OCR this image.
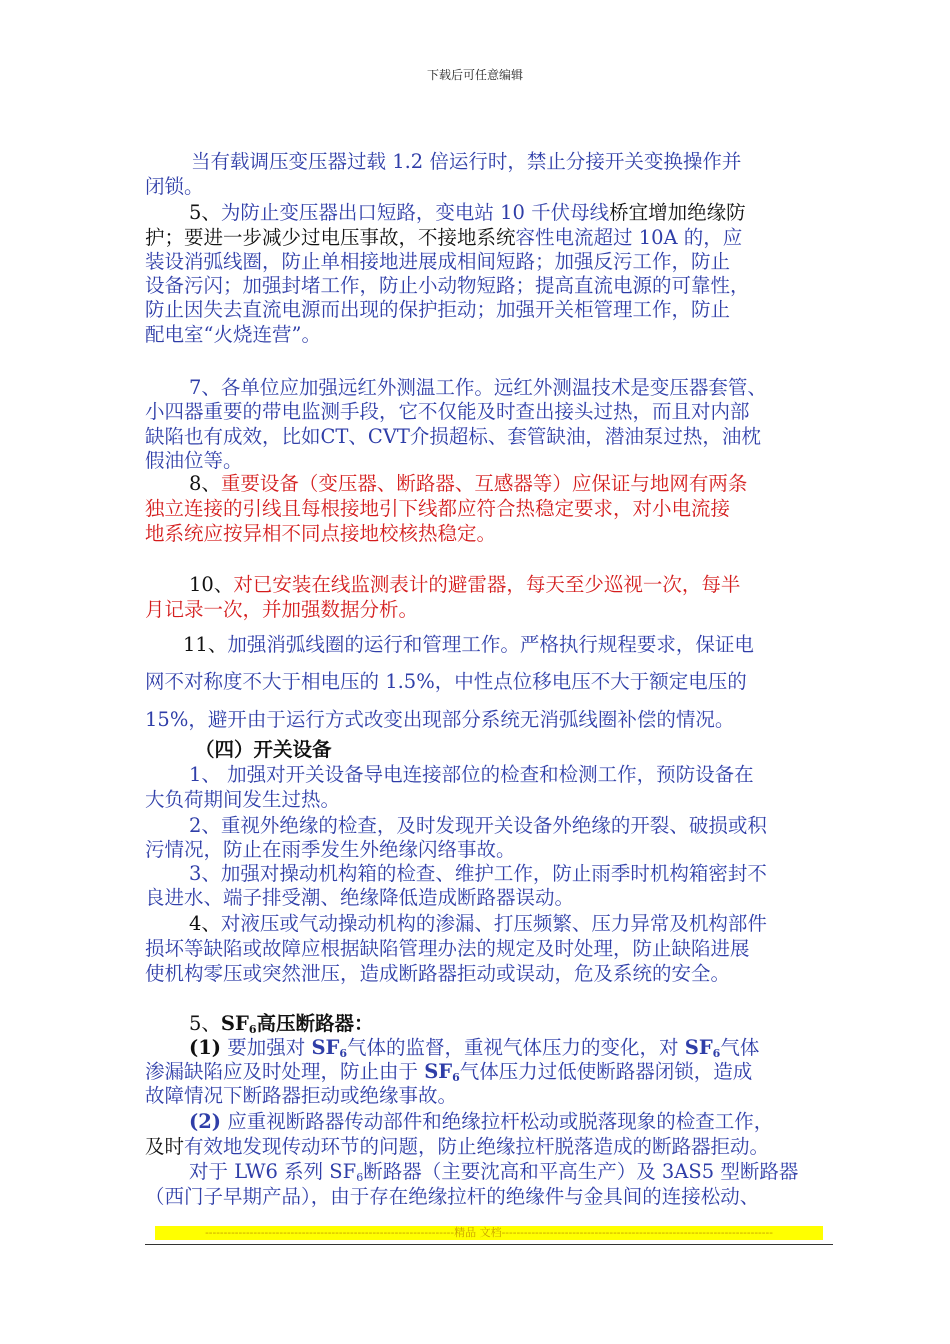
下载后可任意编辑
当有载调压变压器过载 1.2 倍运行时，禁止分接开关变换操作并
闭锁。
5、为防止变压器出口短路，变电站 10 千伏母线桥宜增加绝缘防
护；要进一步减少过电压事故，不接地系统容性电流超过 10A 的，应
装设消弧线圈，防止单相接地进展成相间短路；加强反污工作，防止
设备污闪；加强封堵工作，防止小动物短路；提高直流电源的可靠性，
防止因失去直流电源而出现的保护拒动；加强开关柜管理工作，防止
配电室“火烧连营”。
7、各单位应加强远红外测温工作。远红外测温技术是变压器套管、
小四器重要的带电监测手段，它不仅能及时查出接头过热，而且对内部
缺陷也有成效，比如CT、CVT介损超标、套管缺油，潜油泵过热，油枕
假油位等。
8、重要设备（变压器、断路器、互感器等）应保证与地网有两条
独立连接的引线且每根接地引下线都应符合热稳定要求，对小电流接
地系统应按异相不同点接地校核热稳定。
10、对已安装在线监测表计的避雷器，每天至少巡视一次，每半
月记录一次，并加强数据分析。
11、加强消弧线圈的运行和管理工作。严格执行规程要求，保证电
网不对称度不大于相电压的 1.5%，中性点位移电压不大于额定电压的
15%，避开由于运行方式改变出现部分系统无消弧线圈补偿的情况。
（四）开关设备
1、 加强对开关设备导电连接部位的检查和检测工作，预防设备在
大负荷期间发生过热。
2、重视外绝缘的检查，及时发现开关设备外绝缘的开裂、破损或积
污情况，防止在雨季发生外绝缘闪络事故。
3、加强对操动机构箱的检查、维护工作，防止雨季时机构箱密封不
良进水、端子排受潮、绝缘降低造成断路器误动。
4、对液压或气动操动机构的渗漏、打压频繁、压力异常及机构部件
损坏等缺陷或故障应根据缺陷管理办法的规定及时处理，防止缺陷进展
使机构零压或突然泄压，造成断路器拒动或误动，危及系统的安全。
5、$SF_6$高压断路器：
(1) 要加强对 $SF_6$气体的监督，重视气体压力的变化，对 $SF_6$气体
渗漏缺陷应及时处理，防止由于 $SF_6$气体压力过低使断路器闭锁，造成
故障情况下断路器拒动或绝缘事故。
(2) 应重视断路器传动部件和绝缘拉杆松动或脱落现象的检查工作，
及时有效地发现传动环节的问题，防止绝缘拉杆脱落造成的断路器拒动。
对于 LW6 系列 $SF_6$断路器（主要沈高和平高生产）及 3AS5 型断路器
（西门子早期产品），由于存在绝缘拉杆的绝缘件与金具间的连接松动、
-------------------------------------------------------------------精品 文档-------------------------------------------------------------------------
